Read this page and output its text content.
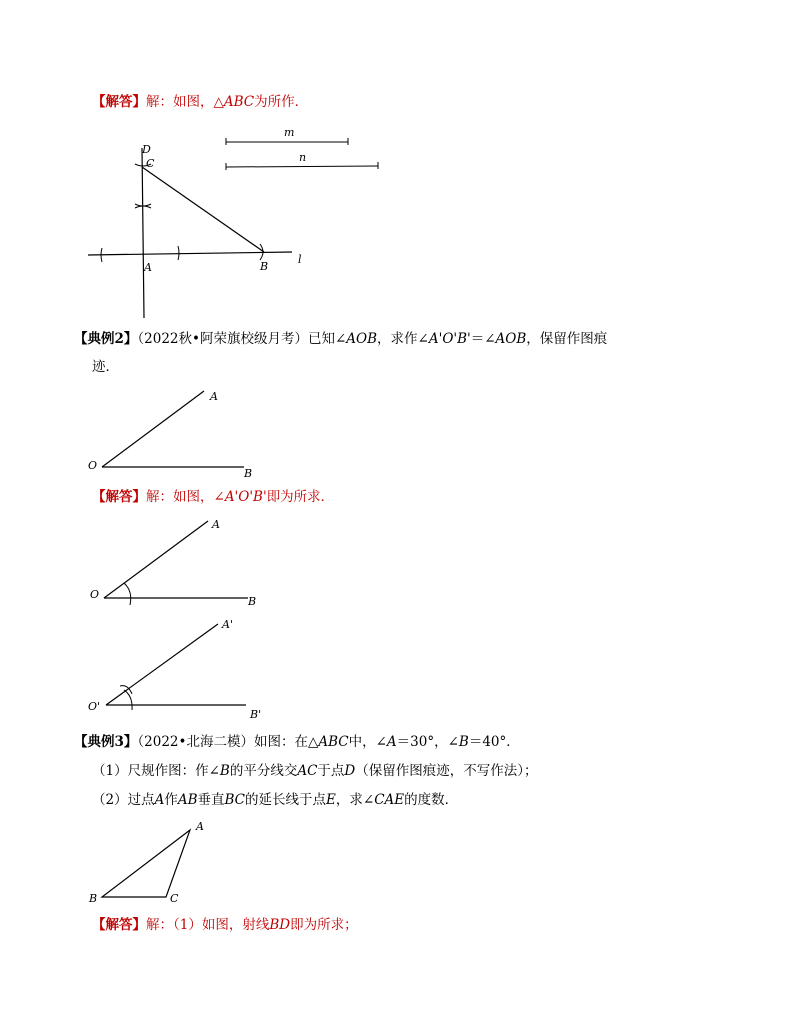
【解答】解：如图，△ABC为所作．
D
C
A	B
l
m
n
【典例2】（2022秋•阿荣旗校级月考）已知∠AOB，求作∠A'O'B'＝∠AOB，保留作图痕
迹．
A
O
B
【解答】解：如图，∠A'O'B'即为所求．
A
O
B
A'
O'
B'
【典例3】（2022•北海二模）如图：在△ABC中，∠A＝30°，∠B＝40°．
（1）尺规作图：作∠B的平分线交AC于点D（保留作图痕迹，不写作法）；
（2）过点A作AB垂直BC的延长线于点E，求∠CAE的度数．
A
B	C
【解答】解：（1）如图，射线BD即为所求；
